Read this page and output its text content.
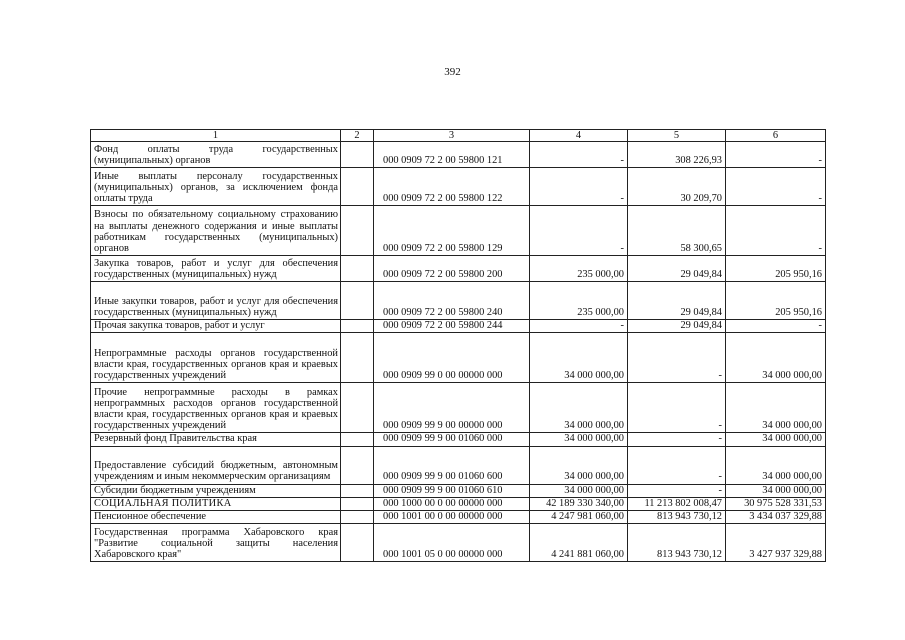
392
1	2	3	4	5	6
Фонд оплаты труда государственных (муниципальных) органов		000 0909 72 2 00 59800 121	-	308 226,93	-
Иные выплаты персоналу государственных (муниципальных) органов, за исключением фонда оплаты труда		000 0909 72 2 00 59800 122	-	30 209,70	-
Взносы по обязательному социальному страхованию на выплаты денежного содержания и иные выплаты работникам государственных (муниципальных) органов		000 0909 72 2 00 59800 129	-	58 300,65	-
Закупка товаров, работ и услуг для обеспечения государственных (муниципальных) нужд		000 0909 72 2 00 59800 200	235 000,00	29 049,84	205 950,16
Иные закупки товаров, работ и услуг для обеспечения государственных (муниципальных) нужд		000 0909 72 2 00 59800 240	235 000,00	29 049,84	205 950,16
Прочая закупка товаров, работ и услуг		000 0909 72 2 00 59800 244	-	29 049,84	-
Непрограммные расходы органов государственной власти края, государственных органов края и краевых государственных учреждений		000 0909 99 0 00 00000 000	34 000 000,00	-	34 000 000,00
Прочие непрограммные расходы в рамках непрограммных расходов органов государственной власти края, государственных органов края и краевых государственных учреждений		000 0909 99 9 00 00000 000	34 000 000,00	-	34 000 000,00
Резервный фонд Правительства края		000 0909 99 9 00 01060 000	34 000 000,00	-	34 000 000,00
Предоставление субсидий бюджетным, автономным учреждениям и иным некоммерческим организациям		000 0909 99 9 00 01060 600	34 000 000,00	-	34 000 000,00
Субсидии бюджетным учреждениям		000 0909 99 9 00 01060 610	34 000 000,00	-	34 000 000,00
СОЦИАЛЬНАЯ ПОЛИТИКА		000 1000 00 0 00 00000 000	42 189 330 340,00	11 213 802 008,47	30 975 528 331,53
Пенсионное обеспечение		000 1001 00 0 00 00000 000	4 247 981 060,00	813 943 730,12	3 434 037 329,88
Государственная программа Хабаровского края "Развитие социальной защиты населения Хабаровского края"		000 1001 05 0 00 00000 000	4 241 881 060,00	813 943 730,12	3 427 937 329,88
